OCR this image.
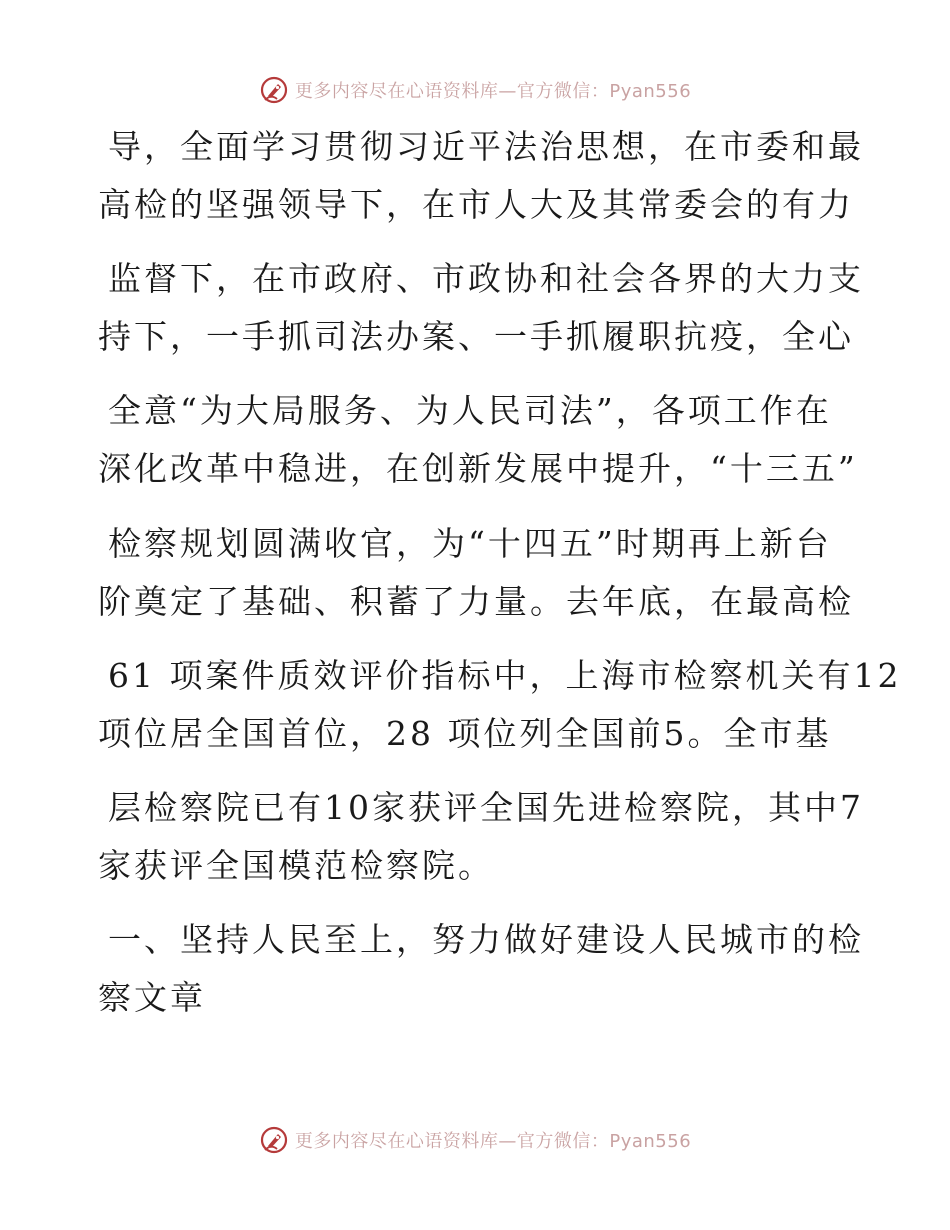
更多内容尽在心语资料库—官方微信：Pyan556
导，全面学习贯彻习近平法治思想，在市委和最
高检的坚强领导下，在市人大及其常委会的有力
监督下，在市政府、市政协和社会各界的大力支
持下，一手抓司法办案、一手抓履职抗疫，全心
全意“为大局服务、为人民司法”，各项工作在
深化改革中稳进，在创新发展中提升，“十三五”
检察规划圆满收官，为“十四五”时期再上新台
阶奠定了基础、积蓄了力量。去年底，在最高检
61 项案件质效评价指标中，上海市检察机关有12
项位居全国首位，28 项位列全国前5。全市基
层检察院已有10家获评全国先进检察院，其中7
家获评全国模范检察院。
一、坚持人民至上，努力做好建设人民城市的检
察文章
更多内容尽在心语资料库—官方微信：Pyan556
